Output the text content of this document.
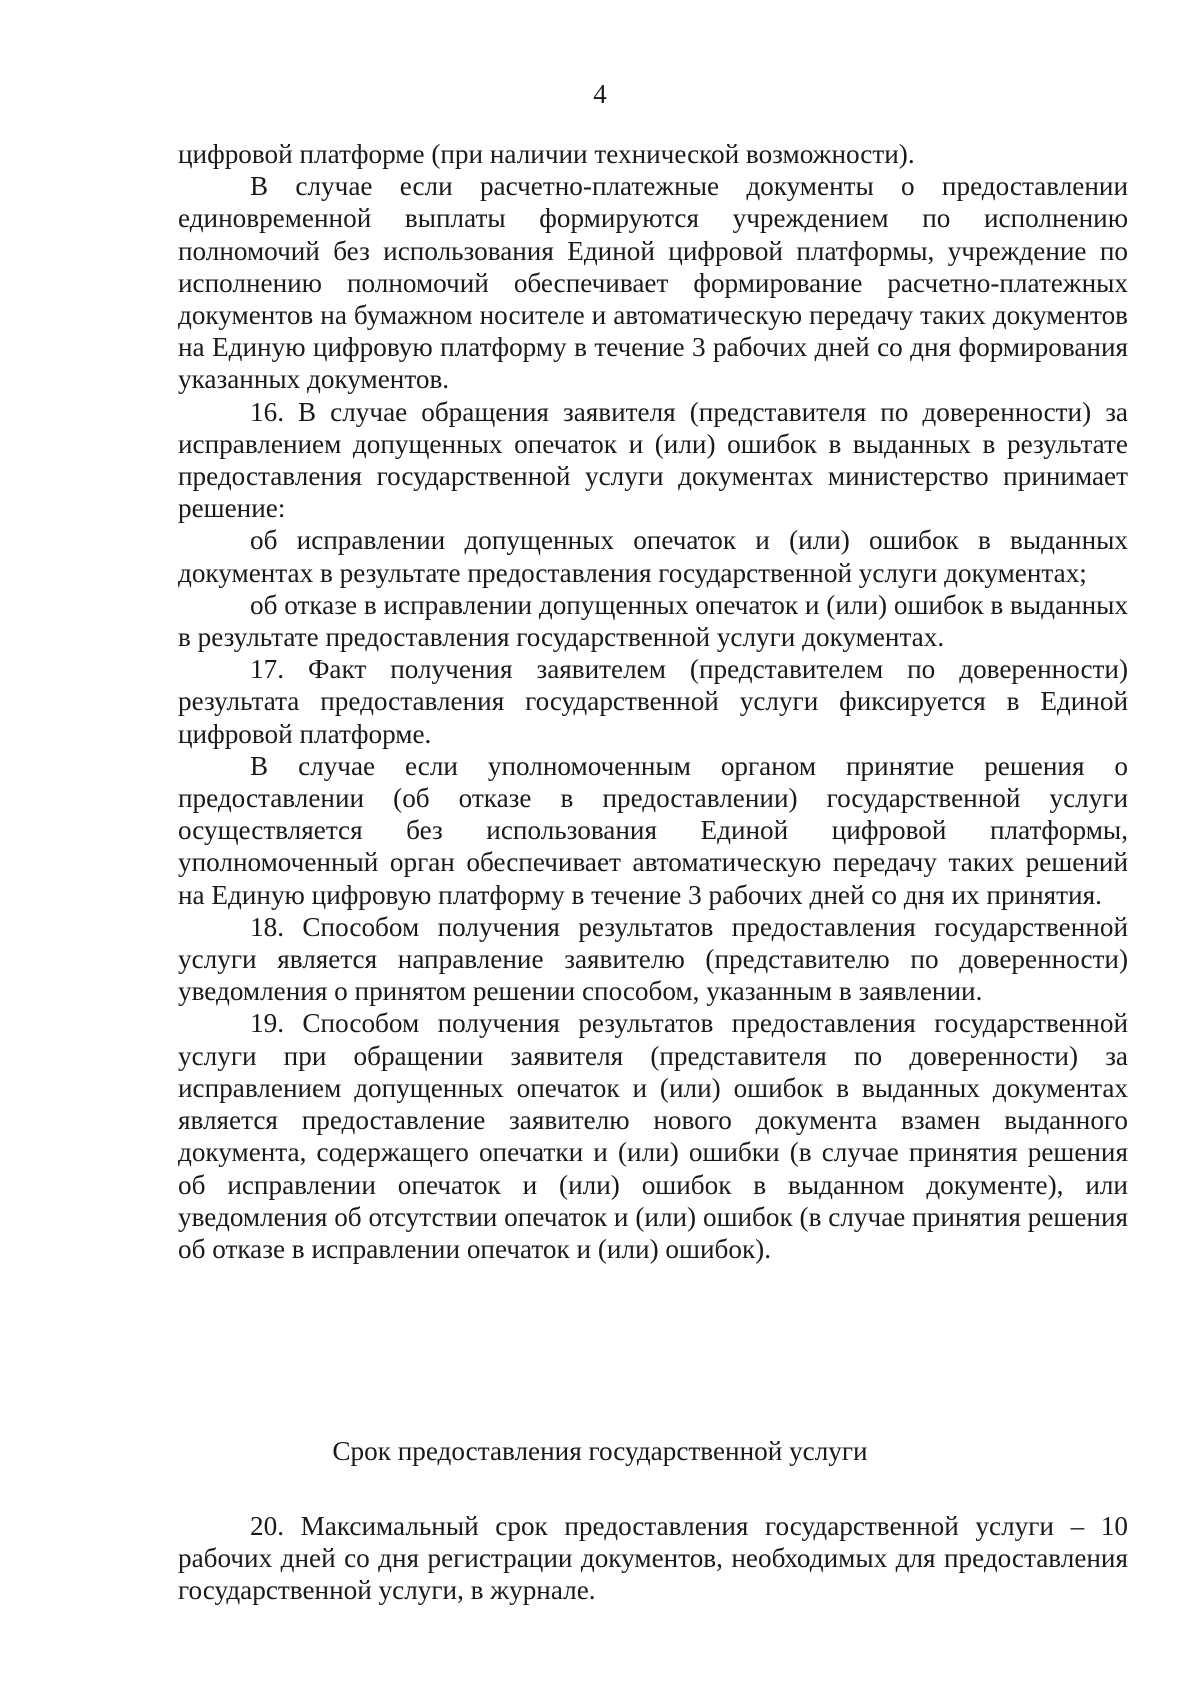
4

цифровой платформе (при наличии технической возможности).

В случае если расчетно-платежные документы о предоставлении единовременной выплаты формируются учреждением по исполнению полномочий без использования Единой цифровой платформы, учреждение по исполнению полномочий обеспечивает формирование расчетно-платежных документов на бумажном носителе и автоматическую передачу таких документов на Единую цифровую платформу в течение 3 рабочих дней со дня формирования указанных документов.

16. В случае обращения заявителя (представителя по доверенности) за исправлением допущенных опечаток и (или) ошибок в выданных в результате предоставления государственной услуги документах министерство принимает решение:

об исправлении допущенных опечаток и (или) ошибок в выданных документах в результате предоставления государственной услуги документах;

об отказе в исправлении допущенных опечаток и (или) ошибок в выданных в результате предоставления государственной услуги документах.

17. Факт получения заявителем (представителем по доверенности) результата предоставления государственной услуги фиксируется в Единой цифровой платформе.

В случае если уполномоченным органом принятие решения о предоставлении (об отказе в предоставлении) государственной услуги осуществляется без использования Единой цифровой платформы, уполномоченный орган обеспечивает автоматическую передачу таких решений на Единую цифровую платформу в течение 3 рабочих дней со дня их принятия.

18. Способом получения результатов предоставления государственной услуги является направление заявителю (представителю по доверенности) уведомления о принятом решении способом, указанным в заявлении.

19. Способом получения результатов предоставления государственной услуги при обращении заявителя (представителя по доверенности) за исправлением допущенных опечаток и (или) ошибок в выданных документах является предоставление заявителю нового документа взамен выданного документа, содержащего опечатки и (или) ошибки (в случае принятия решения об исправлении опечаток и (или) ошибок в выданном документе), или уведомления об отсутствии опечаток и (или) ошибок (в случае принятия решения об отказе в исправлении опечаток и (или) ошибок).

Срок предоставления государственной услуги

20. Максимальный срок предоставления государственной услуги – 10 рабочих дней со дня регистрации документов, необходимых для предоставления государственной услуги, в журнале.
